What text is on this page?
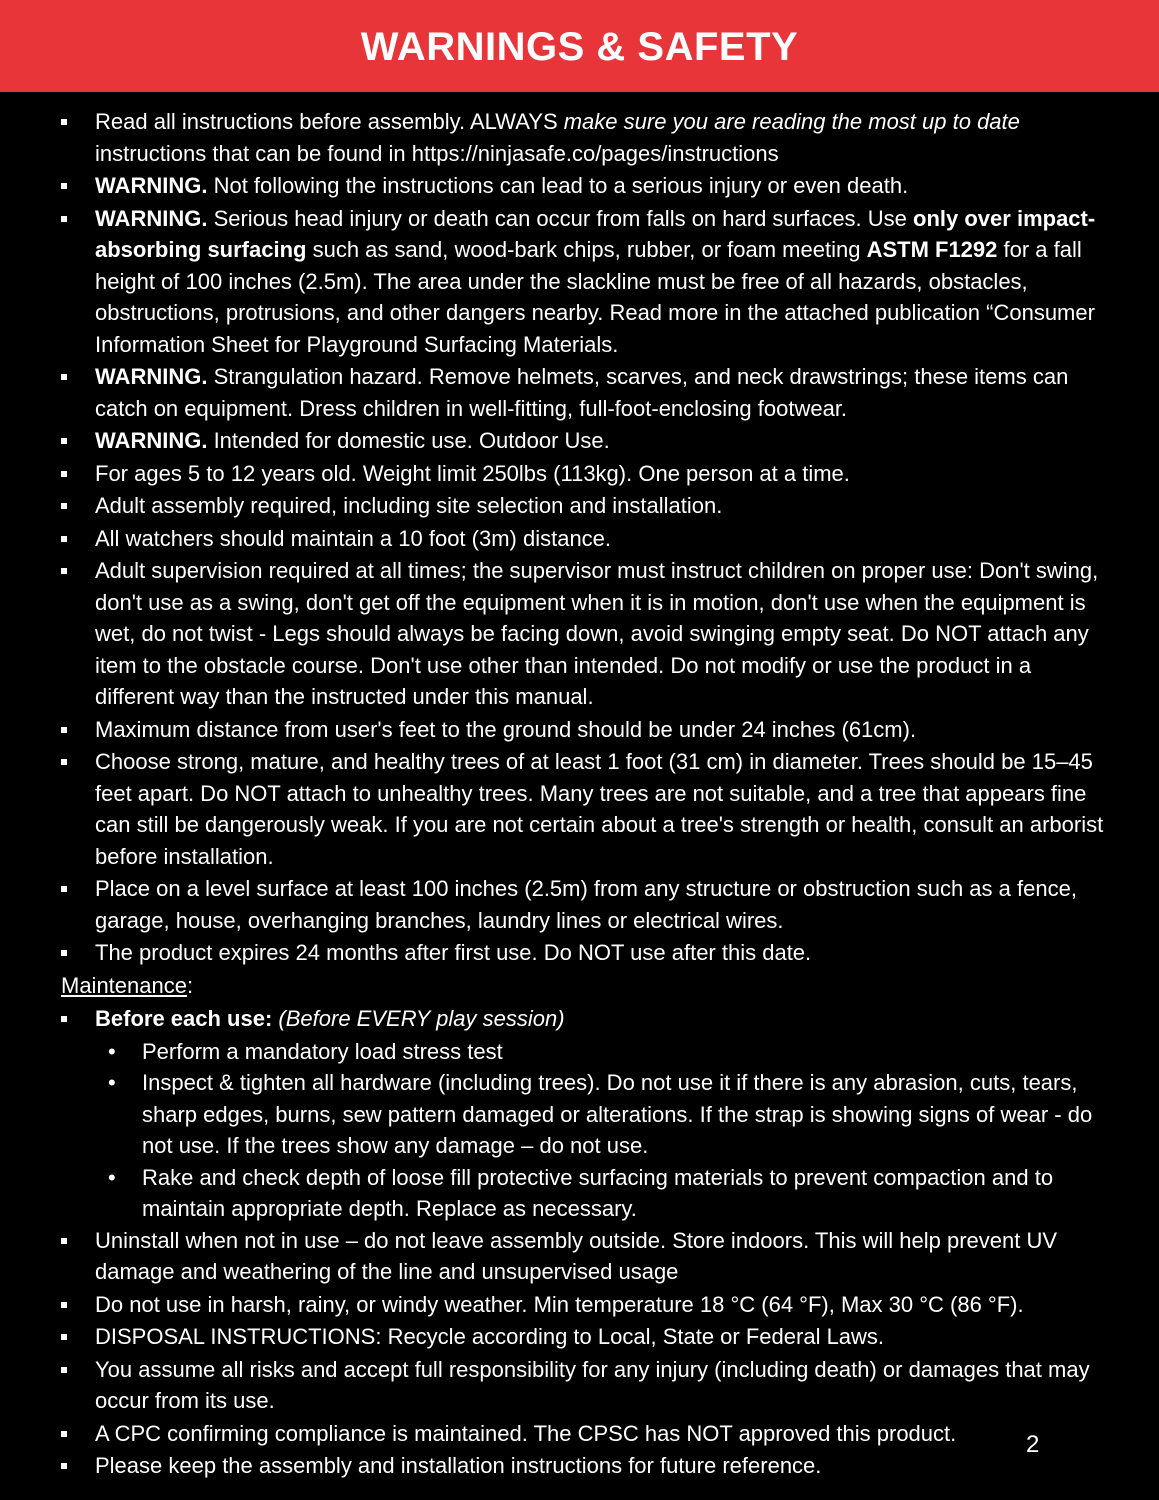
WARNINGS & SAFETY
Read all instructions before assembly. ALWAYS make sure you are reading the most up to date instructions that can be found in https://ninjasafe.co/pages/instructions
WARNING. Not following the instructions can lead to a serious injury or even death.
WARNING. Serious head injury or death can occur from falls on hard surfaces. Use only over impact-absorbing surfacing such as sand, wood-bark chips, rubber, or foam meeting ASTM F1292 for a fall height of 100 inches (2.5m). The area under the slackline must be free of all hazards, obstacles, obstructions, protrusions, and other dangers nearby. Read more in the attached publication “Consumer Information Sheet for Playground Surfacing Materials.
WARNING. Strangulation hazard. Remove helmets, scarves, and neck drawstrings; these items can catch on equipment. Dress children in well-fitting, full-foot-enclosing footwear.
WARNING. Intended for domestic use. Outdoor Use.
For ages 5 to 12 years old. Weight limit 250lbs (113kg). One person at a time.
Adult assembly required, including site selection and installation.
All watchers should maintain a 10 foot (3m) distance.
Adult supervision required at all times; the supervisor must instruct children on proper use: Don't swing, don't use as a swing, don't get off the equipment when it is in motion, don't use when the equipment is wet, do not twist - Legs should always be facing down, avoid swinging empty seat. Do NOT attach any item to the obstacle course. Don't use other than intended. Do not modify or use the product in a different way than the instructed under this manual.
Maximum distance from user's feet to the ground should be under 24 inches (61cm).
Choose strong, mature, and healthy trees of at least 1 foot (31 cm) in diameter. Trees should be 15–45 feet apart. Do NOT attach to unhealthy trees. Many trees are not suitable, and a tree that appears fine can still be dangerously weak. If you are not certain about a tree's strength or health, consult an arborist before installation.
Place on a level surface at least 100 inches (2.5m) from any structure or obstruction such as a fence, garage, house, overhanging branches, laundry lines or electrical wires.
The product expires 24 months after first use. Do NOT use after this date.
Maintenance:
Before each use: (Before EVERY play session)
• Perform a mandatory load stress test
• Inspect & tighten all hardware (including trees). Do not use it if there is any abrasion, cuts, tears, sharp edges, burns, sew pattern damaged or alterations. If the strap is showing signs of wear - do not use. If the trees show any damage – do not use.
• Rake and check depth of loose fill protective surfacing materials to prevent compaction and to maintain appropriate depth. Replace as necessary.
Uninstall when not in use – do not leave assembly outside. Store indoors. This will help prevent UV damage and weathering of the line and unsupervised usage
Do not use in harsh, rainy, or windy weather. Min temperature 18 °C (64 °F), Max 30 °C (86 °F).
DISPOSAL INSTRUCTIONS: Recycle according to Local, State or Federal Laws.
You assume all risks and accept full responsibility for any injury (including death) or damages that may occur from its use.
A CPC confirming compliance is maintained. The CPSC has NOT approved this product.
Please keep the assembly and installation instructions for future reference.
2
